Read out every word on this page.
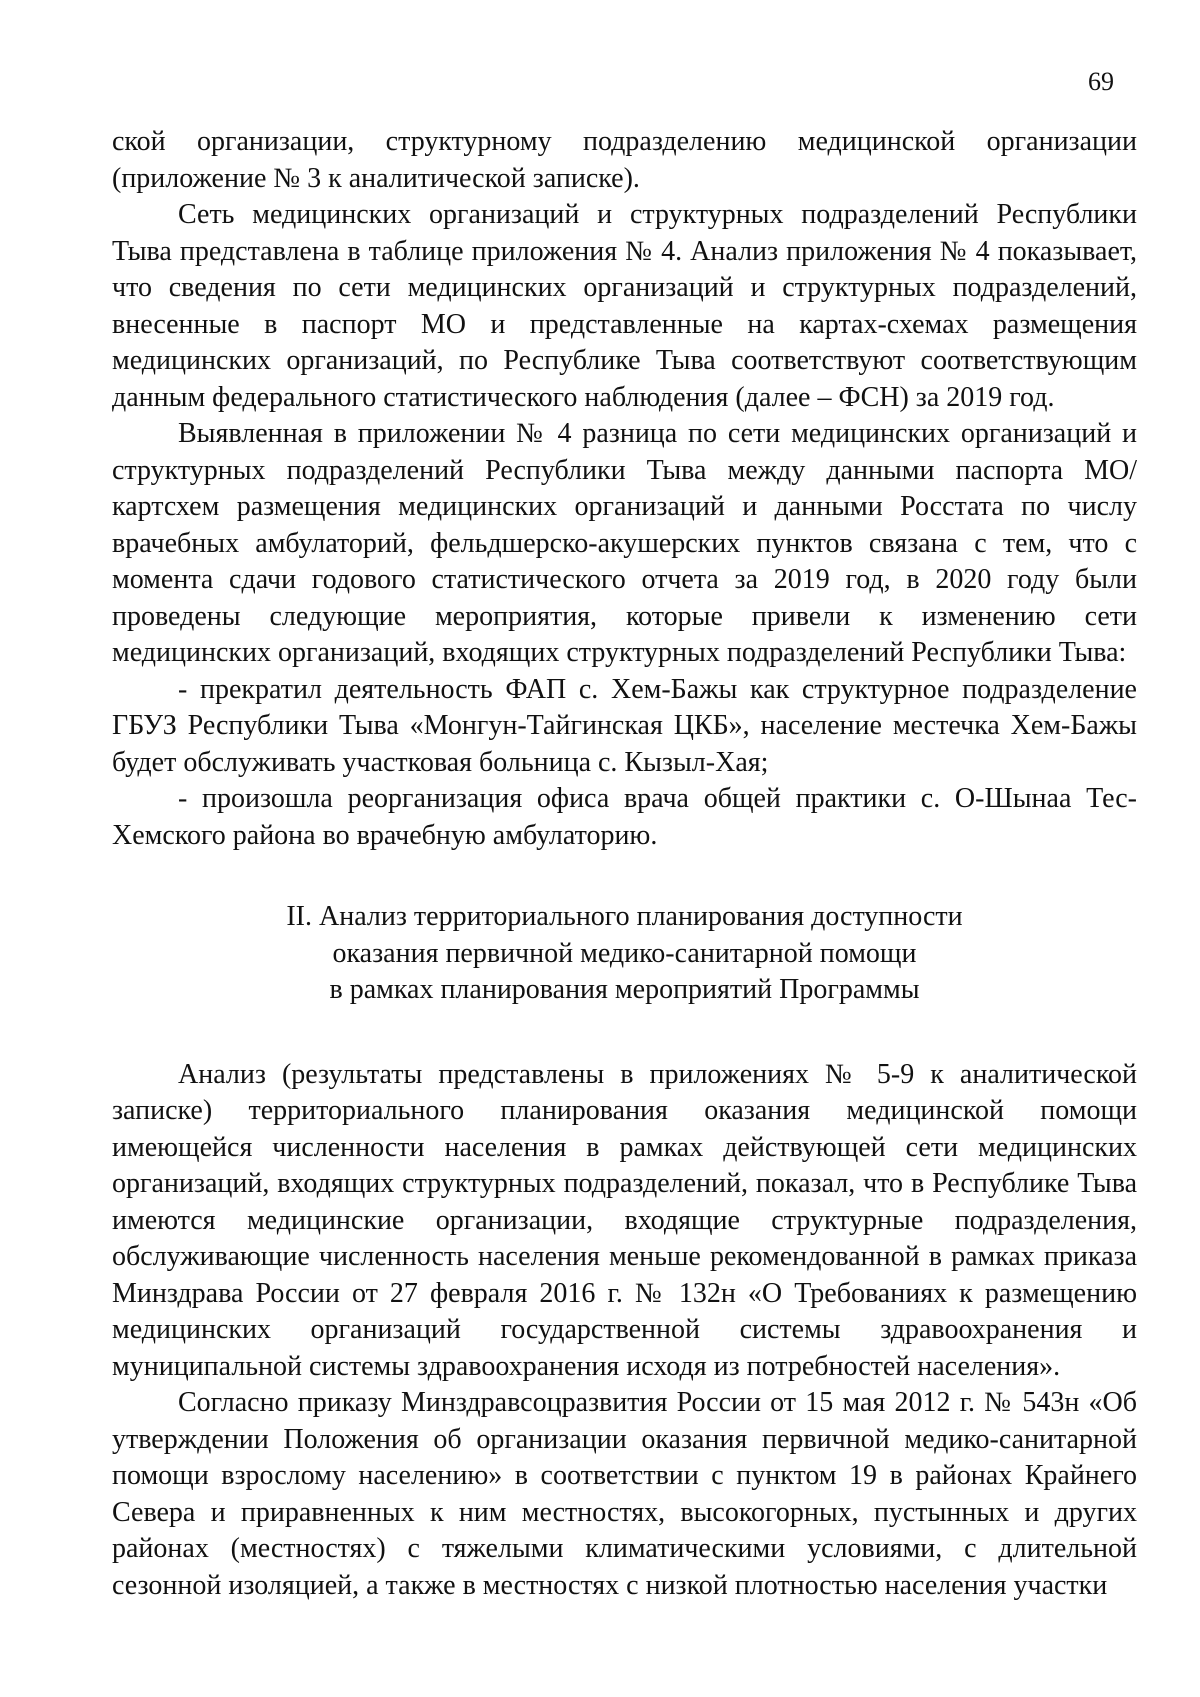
69

ской организации, структурному подразделению медицинской организации (приложение № 3 к аналитической записке).

Сеть медицинских организаций и структурных подразделений Республики Тыва представлена в таблице приложения № 4. Анализ приложения № 4 показывает, что сведения по сети медицинских организаций и структурных подразделений, внесенные в паспорт МО и представленные на картах-схемах размещения медицинских организаций, по Республике Тыва соответствуют соответствующим данным федерального статистического наблюдения (далее – ФСН) за 2019 год.

Выявленная в приложении № 4 разница по сети медицинских организаций и структурных подразделений Республики Тыва между данными паспорта МО/картсхем размещения медицинских организаций и данными Росстата по числу врачебных амбулаторий, фельдшерско-акушерских пунктов связана с тем, что с момента сдачи годового статистического отчета за 2019 год, в 2020 году были проведены следующие мероприятия, которые привели к изменению сети медицинских организаций, входящих структурных подразделений Республики Тыва:

- прекратил деятельность ФАП с. Хем-Бажы как структурное подразделение ГБУЗ Республики Тыва «Монгун-Тайгинская ЦКБ», население местечка Хем-Бажы будет обслуживать участковая больница с. Кызыл-Хая;

- произошла реорганизация офиса врача общей практики с. О-Шынаа Тес-Хемского района во врачебную амбулаторию.

II. Анализ территориального планирования доступности
оказания первичной медико-санитарной помощи
в рамках планирования мероприятий Программы

Анализ (результаты представлены в приложениях № 5-9 к аналитической записке) территориального планирования оказания медицинской помощи имеющейся численности населения в рамках действующей сети медицинских организаций, входящих структурных подразделений, показал, что в Республике Тыва имеются медицинские организации, входящие структурные подразделения, обслуживающие численность населения меньше рекомендованной в рамках приказа Минздрава России от 27 февраля 2016 г. № 132н «О Требованиях к размещению медицинских организаций государственной системы здравоохранения и муниципальной системы здравоохранения исходя из потребностей населения».

Согласно приказу Минздравсоцразвития России от 15 мая 2012 г. № 543н «Об утверждении Положения об организации оказания первичной медико-санитарной помощи взрослому населению» в соответствии с пунктом 19 в районах Крайнего Севера и приравненных к ним местностях, высокогорных, пустынных и других районах (местностях) с тяжелыми климатическими условиями, с длительной сезонной изоляцией, а также в местностях с низкой плотностью населения участки
